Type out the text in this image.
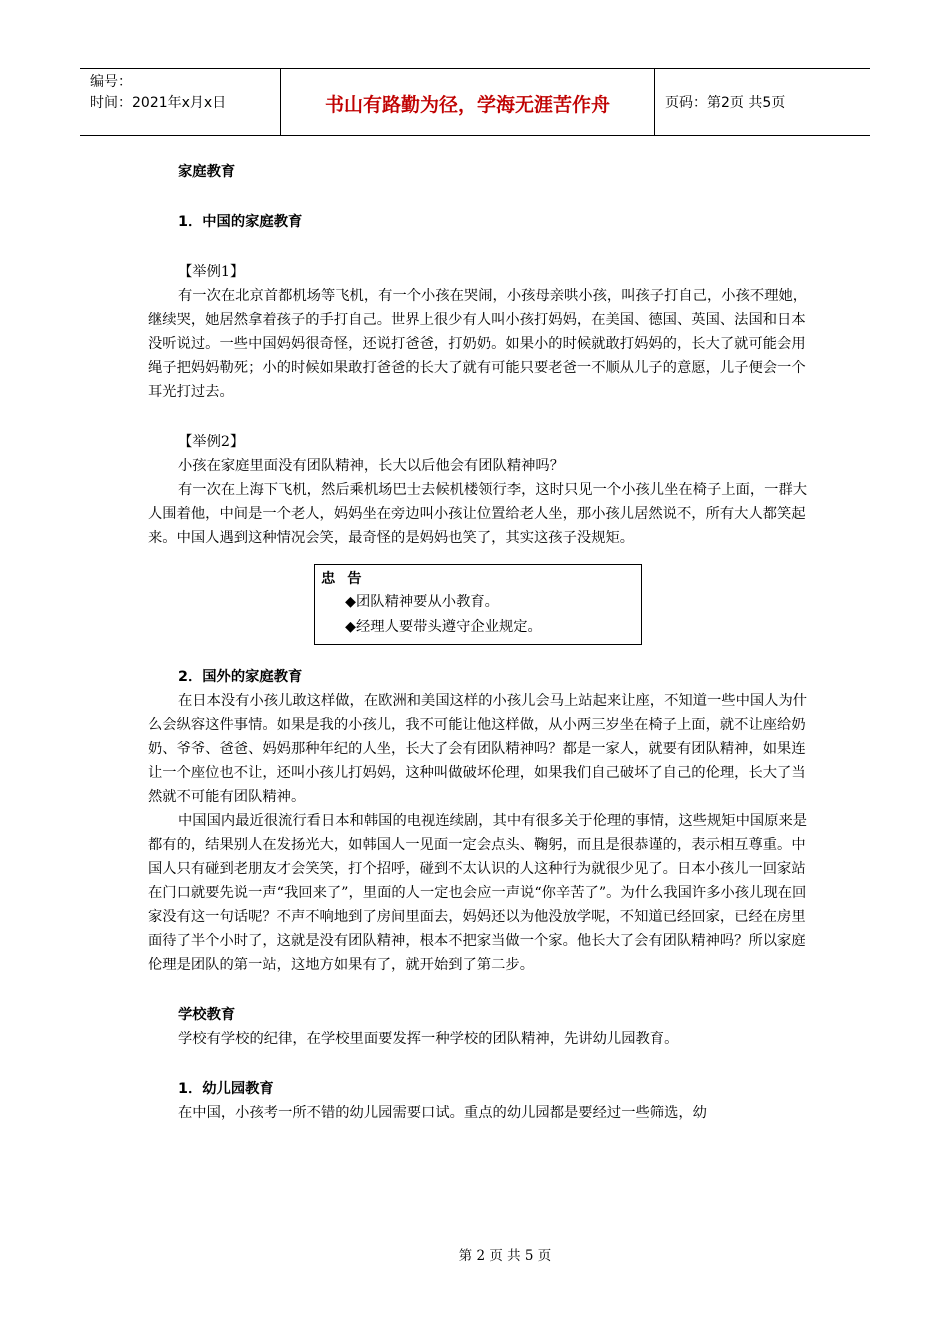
编号：
时间：2021年x月x日	书山有路勤为径，学海无涯苦作舟	页码：第2页 共5页

家庭教育

1．中国的家庭教育

【举例1】

有一次在北京首都机场等飞机，有一个小孩在哭闹，小孩母亲哄小孩，叫孩子打自己，小孩不理她，继续哭，她居然拿着孩子的手打自己。世界上很少有人叫小孩打妈妈，在美国、德国、英国、法国和日本没听说过。一些中国妈妈很奇怪，还说打爸爸，打奶奶。如果小的时候就敢打妈妈的，长大了就可能会用绳子把妈妈勒死；小的时候如果敢打爸爸的长大了就有可能只要老爸一不顺从儿子的意愿，儿子便会一个耳光打过去。

【举例2】

小孩在家庭里面没有团队精神，长大以后他会有团队精神吗？

有一次在上海下飞机，然后乘机场巴士去候机楼领行李，这时只见一个小孩儿坐在椅子上面，一群大人围着他，中间是一个老人，妈妈坐在旁边叫小孩让位置给老人坐，那小孩儿居然说不，所有大人都笑起来。中国人遇到这种情况会笑，最奇怪的是妈妈也笑了，其实这孩子没规矩。

忠告
◆团队精神要从小教育。
◆经理人要带头遵守企业规定。

2．国外的家庭教育

在日本没有小孩儿敢这样做，在欧洲和美国这样的小孩儿会马上站起来让座，不知道一些中国人为什么会纵容这件事情。如果是我的小孩儿，我不可能让他这样做，从小两三岁坐在椅子上面，就不让座给奶奶、爷爷、爸爸、妈妈那种年纪的人坐，长大了会有团队精神吗？都是一家人，就要有团队精神，如果连让一个座位也不让，还叫小孩儿打妈妈，这种叫做破坏伦理，如果我们自己破坏了自己的伦理，长大了当然就不可能有团队精神。

中国国内最近很流行看日本和韩国的电视连续剧，其中有很多关于伦理的事情，这些规矩中国原来是都有的，结果别人在发扬光大，如韩国人一见面一定会点头、鞠躬，而且是很恭谨的，表示相互尊重。中国人只有碰到老朋友才会笑笑，打个招呼，碰到不太认识的人这种行为就很少见了。日本小孩儿一回家站在门口就要先说一声“我回来了”，里面的人一定也会应一声说“你辛苦了”。为什么我国许多小孩儿现在回家没有这一句话呢？不声不响地到了房间里面去，妈妈还以为他没放学呢，不知道已经回家，已经在房里面待了半个小时了，这就是没有团队精神，根本不把家当做一个家。他长大了会有团队精神吗？所以家庭伦理是团队的第一站，这地方如果有了，就开始到了第二步。

学校教育

学校有学校的纪律，在学校里面要发挥一种学校的团队精神，先讲幼儿园教育。

1．幼儿园教育

在中国，小孩考一所不错的幼儿园需要口试。重点的幼儿园都是要经过一些筛选，幼

第 2 页 共 5 页
